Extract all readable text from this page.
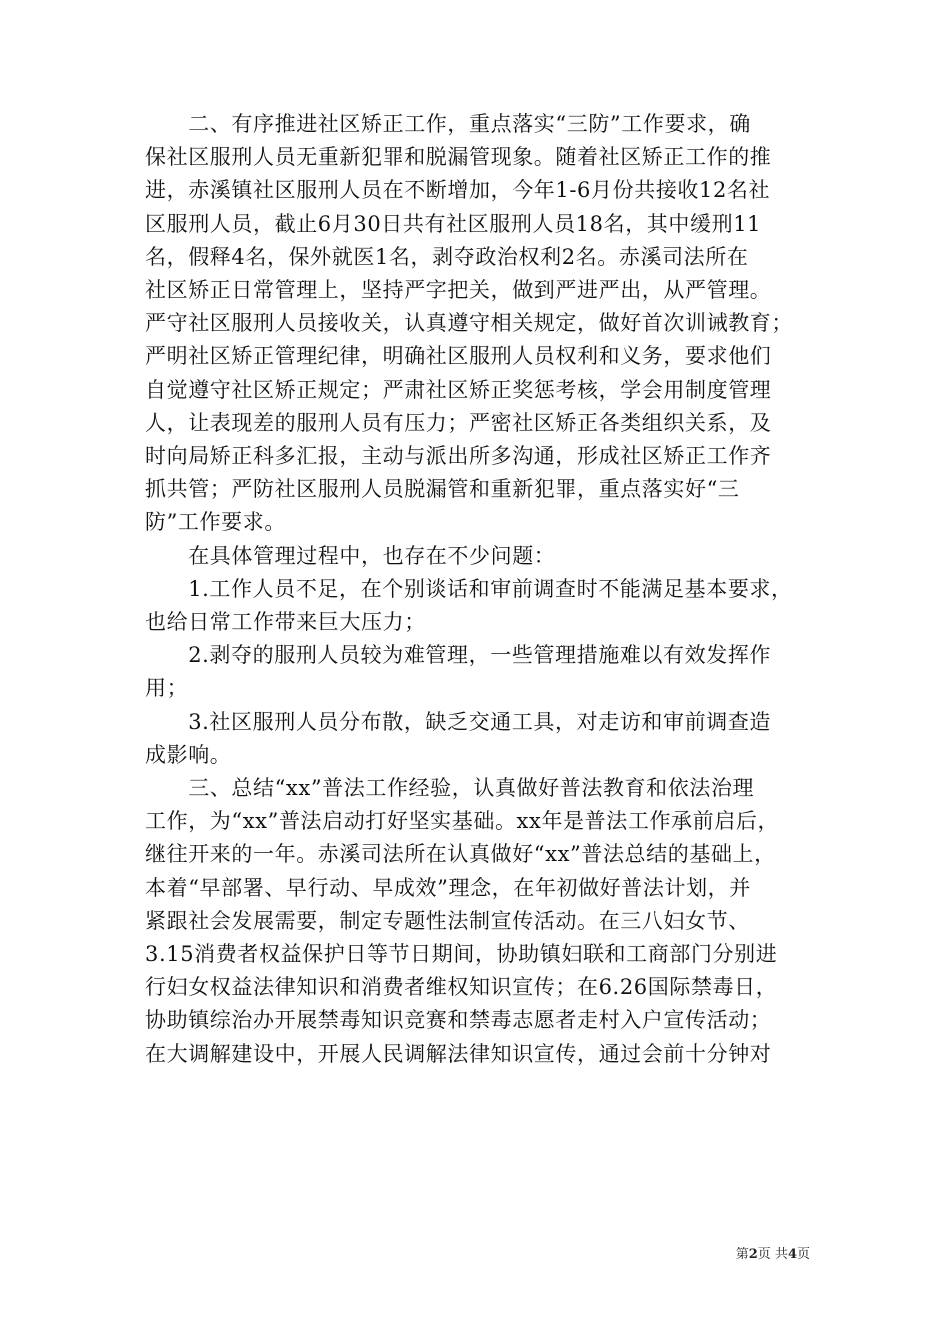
　　二、有序推进社区矫正工作，重点落实“三防”工作要求，确
保社区服刑人员无重新犯罪和脱漏管现象。随着社区矫正工作的推
进，赤溪镇社区服刑人员在不断增加，今年1-6月份共接收12名社
区服刑人员，截止6月30日共有社区服刑人员18名，其中缓刑11
名，假释4名，保外就医1名，剥夺政治权利2名。赤溪司法所在
社区矫正日常管理上，坚持严字把关，做到严进严出，从严管理。
严守社区服刑人员接收关，认真遵守相关规定，做好首次训诫教育；
严明社区矫正管理纪律，明确社区服刑人员权利和义务，要求他们
自觉遵守社区矫正规定；严肃社区矫正奖惩考核，学会用制度管理
人，让表现差的服刑人员有压力；严密社区矫正各类组织关系，及
时向局矫正科多汇报，主动与派出所多沟通，形成社区矫正工作齐
抓共管；严防社区服刑人员脱漏管和重新犯罪，重点落实好“三
防”工作要求。
　　在具体管理过程中，也存在不少问题：
　　1.工作人员不足，在个别谈话和审前调查时不能满足基本要求，
也给日常工作带来巨大压力；
　　2.剥夺的服刑人员较为难管理，一些管理措施难以有效发挥作
用；
　　3.社区服刑人员分布散，缺乏交通工具，对走访和审前调查造
成影响。
　　三、总结“xx”普法工作经验，认真做好普法教育和依法治理
工作，为“xx”普法启动打好坚实基础。xx年是普法工作承前启后，
继往开来的一年。赤溪司法所在认真做好“xx”普法总结的基础上，
本着“早部署、早行动、早成效”理念，在年初做好普法计划，并
紧跟社会发展需要，制定专题性法制宣传活动。在三八妇女节、
3.15消费者权益保护日等节日期间，协助镇妇联和工商部门分别进
行妇女权益法律知识和消费者维权知识宣传；在6.26国际禁毒日，
协助镇综治办开展禁毒知识竞赛和禁毒志愿者走村入户宣传活动；
在大调解建设中，开展人民调解法律知识宣传，通过会前十分钟对
第2页 共4页
